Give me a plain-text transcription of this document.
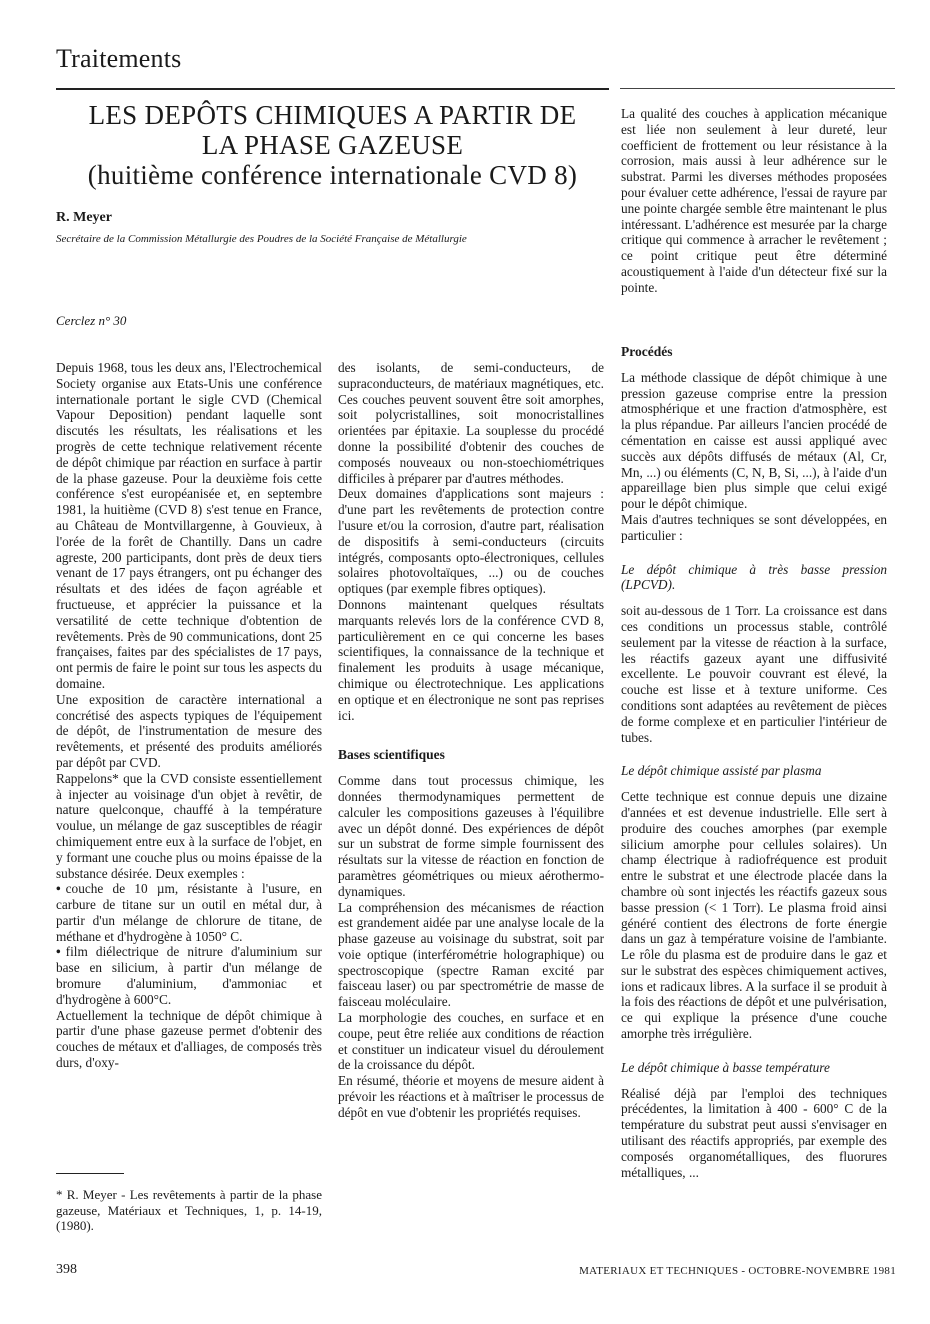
Traitements
LES DEPÔTS CHIMIQUES A PARTIR DE
LA PHASE GAZEUSE
(huitième conférence internationale CVD 8)

R. Meyer

Secrétaire de la Commission Métallurgie des Poudres de la Société Française de Métallurgie

Cerclez n° 30

Depuis 1968, tous les deux ans, l'Electrochemical Society organise aux Etats-Unis une conférence internationale portant le sigle CVD (Chemical Vapour Deposition) pendant laquelle sont discutés les résultats, les réalisations et les progrès de cette technique relativement récente de dépôt chimique par réaction en surface à partir de la phase gazeuse. Pour la deuxième fois cette conférence s'est européanisée et, en septembre 1981, la huitième (CVD 8) s'est tenue en France, au Château de Montvillargenne, à Gouvieux, à l'orée de la forêt de Chantilly. Dans un cadre agreste, 200 participants, dont près de deux tiers venant de 17 pays étrangers, ont pu échanger des résultats et des idées de façon agréable et fructueuse, et apprécier la puissance et la versatilité de cette technique d'obtention de revêtements. Près de 90 communications, dont 25 françaises, faites par des spécialistes de 17 pays, ont permis de faire le point sur tous les aspects du domaine.

Une exposition de caractère international a concrétisé des aspects typiques de l'équipement de dépôt, de l'instrumentation de mesure des revêtements, et présenté des produits améliorés par dépôt par CVD.

Rappelons* que la CVD consiste essentiellement à injecter au voisinage d'un objet à revêtir, de nature quelconque, chauffé à la température voulue, un mélange de gaz susceptibles de réagir chimiquement entre eux à la surface de l'objet, en y formant une couche plus ou moins épaisse de la substance désirée. Deux exemples :

• couche de 10 µm, résistante à l'usure, en carbure de titane sur un outil en métal dur, à partir d'un mélange de chlorure de titane, de méthane et d'hydrogène à 1050° C.

• film diélectrique de nitrure d'aluminium sur base en silicium, à partir d'un mélange de bromure d'aluminium, d'ammoniac et d'hydrogène à 600°C.

Actuellement la technique de dépôt chimique à partir d'une phase gazeuse permet d'obtenir des couches de métaux et d'alliages, de composés très durs, d'oxy-

* R. Meyer - Les revêtements à partir de la phase gazeuse, Matériaux et Techniques, 1, p. 14-19, (1980).

des isolants, de semi-conducteurs, de supraconducteurs, de matériaux magnétiques, etc. Ces couches peuvent souvent être soit amorphes, soit polycristallines, soit monocristallines orientées par épitaxie. La souplesse du procédé donne la possibilité d'obtenir des couches de composés nouveaux ou non-stoechiométriques difficiles à préparer par d'autres méthodes.

Deux domaines d'applications sont majeurs : d'une part les revêtements de protection contre l'usure et/ou la corrosion, d'autre part, réalisation de dispositifs à semi-conducteurs (circuits intégrés, composants opto-électroniques, cellules solaires photovoltaïques, ...) ou de couches optiques (par exemple fibres optiques).

Donnons maintenant quelques résultats marquants relevés lors de la conférence CVD 8, particulièrement en ce qui concerne les bases scientifiques, la connaissance de la technique et finalement les produits à usage mécanique, chimique ou électrotechnique. Les applications en optique et en électronique ne sont pas reprises ici.

Bases scientifiques

Comme dans tout processus chimique, les données thermodynamiques permettent de calculer les compositions gazeuses à l'équilibre avec un dépôt donné. Des expériences de dépôt sur un substrat de forme simple fournissent des résultats sur la vitesse de réaction en fonction de paramètres géométriques ou mieux aérothermo-dynamiques.

La compréhension des mécanismes de réaction est grandement aidée par une analyse locale de la phase gazeuse au voisinage du substrat, soit par voie optique (interférométrie holographique) ou spectroscopique (spectre Raman excité par faisceau laser) ou par spectrométrie de masse de faisceau moléculaire.

La morphologie des couches, en surface et en coupe, peut être reliée aux conditions de réaction et constituer un indicateur visuel du déroulement de la croissance du dépôt.

En résumé, théorie et moyens de mesure aident à prévoir les réactions et à maîtriser le processus de dépôt en vue d'obtenir les propriétés requises.

La qualité des couches à application mécanique est liée non seulement à leur dureté, leur coefficient de frottement ou leur résistance à la corrosion, mais aussi à leur adhérence sur le substrat. Parmi les diverses méthodes proposées pour évaluer cette adhérence, l'essai de rayure par une pointe chargée semble être maintenant le plus intéressant. L'adhérence est mesurée par la charge critique qui commence à arracher le revêtement ; ce point critique peut être déterminé acoustiquement à l'aide d'un détecteur fixé sur la pointe.

Procédés

La méthode classique de dépôt chimique à une pression gazeuse comprise entre la pression atmosphérique et une fraction d'atmosphère, est la plus répandue. Par ailleurs l'ancien procédé de cémentation en caisse est aussi appliqué avec succès aux dépôts diffusés de métaux (Al, Cr, Mn, ...) ou éléments (C, N, B, Si, ...), à l'aide d'un appareillage bien plus simple que celui exigé pour le dépôt chimique.

Mais d'autres techniques se sont développées, en particulier :

Le dépôt chimique à très basse pression (LPCVD).

soit au-dessous de 1 Torr. La croissance est dans ces conditions un processus stable, contrôlé seulement par la vitesse de réaction à la surface, les réactifs gazeux ayant une diffusivité excellente. Le pouvoir couvrant est élevé, la couche est lisse et à texture uniforme. Ces conditions sont adaptées au revêtement de pièces de forme complexe et en particulier l'intérieur de tubes.

Le dépôt chimique assisté par plasma

Cette technique est connue depuis une dizaine d'années et est devenue industrielle. Elle sert à produire des couches amorphes (par exemple silicium amorphe pour cellules solaires). Un champ électrique à radiofréquence est produit entre le substrat et une électrode placée dans la chambre où sont injectés les réactifs gazeux sous basse pression (< 1 Torr). Le plasma froid ainsi généré contient des électrons de forte énergie dans un gaz à température voisine de l'ambiante. Le rôle du plasma est de produire dans le gaz et sur le substrat des espèces chimiquement actives, ions et radicaux libres. A la surface il se produit à la fois des réactions de dépôt et une pulvérisation, ce qui explique la présence d'une couche amorphe très irrégulière.

Le dépôt chimique à basse température

Réalisé déjà par l'emploi des techniques précédentes, la limitation à 400 - 600° C de la température du substrat peut aussi s'envisager en utilisant des réactifs appropriés, par exemple des composés organométalliques, des fluorures métalliques, ...

398	MATERIAUX ET TECHNIQUES - OCTOBRE-NOVEMBRE 1981
